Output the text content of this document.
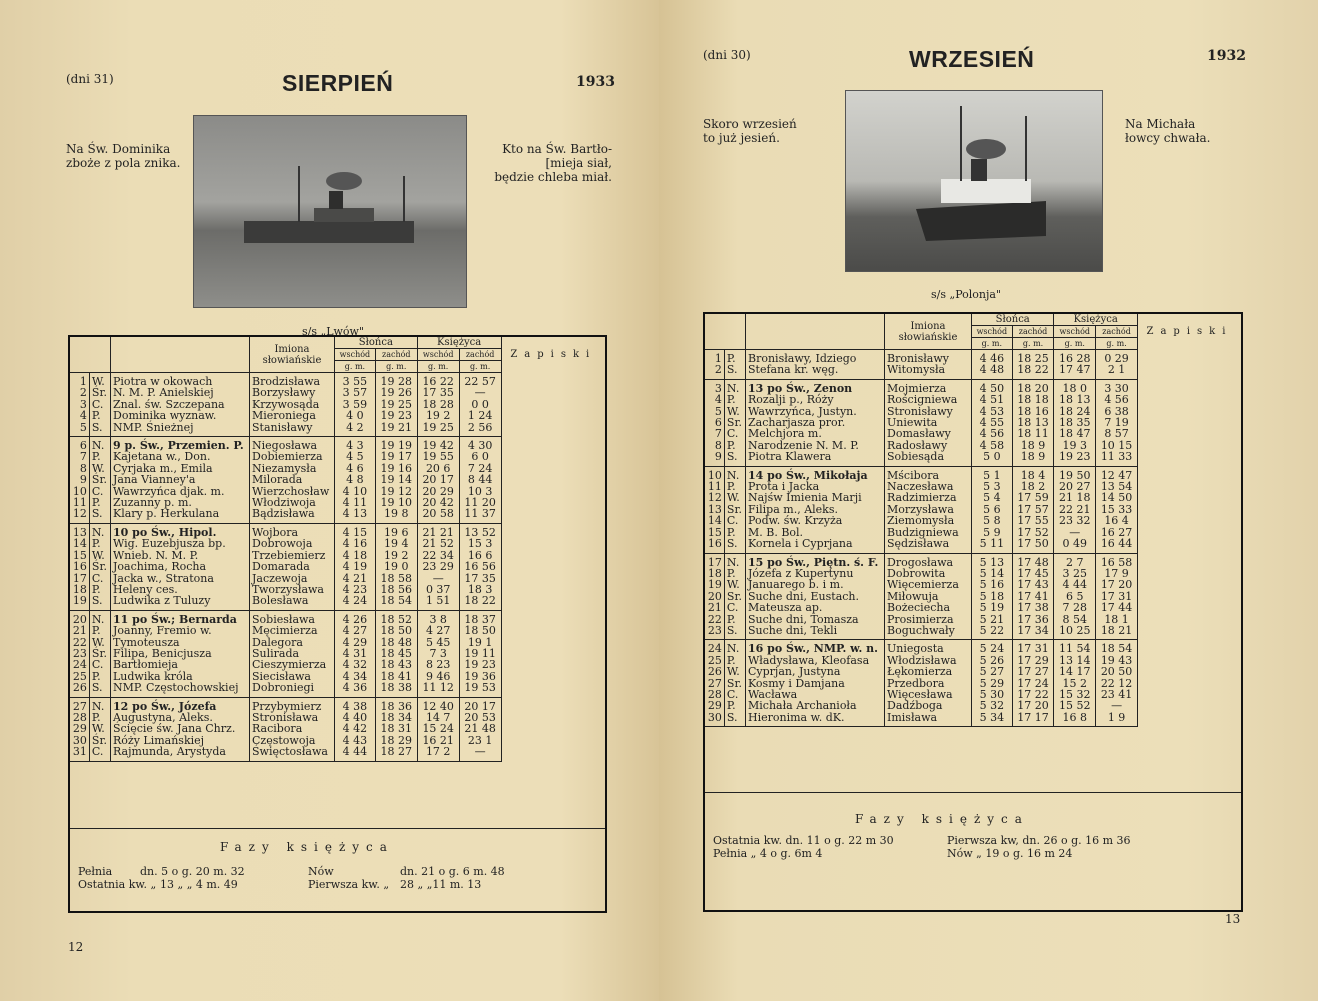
(dni 31)	SIERPIEŃ	1933
Na Św. Dominika
zboże z pola znika.
Kto na Św. Bartło-
[mieja siał,
będzie chleba miał.
s/s „Lwów"
			Imiona
słowiańskie	Słońca		Księżyca		Zapiski
				wschód	zachód	wschód	zachód	
				g. m.	g. m.	g. m.	g. m.	
1	W.	Piotra w okowach	Brodzisława	3 55	19 28	16 22	22 57	
2	Śr.	N. M. P. Anielskiej	Borzysławy	3 57	19 26	17 35	—	
3	C.	Znal. św. Szczepana	Krzywosąda	3 59	19 25	18 28	0 0	
4	P.	Dominika wyznaw.	Mieroniega	4 0	19 23	19 2	1 24	
5	S.	NMP. Śnieżnej	Stanisławy	4 2	19 21	19 25	2 56	
6	N.	9 p. Św., Przemien. P.	Niegosława	4 3	19 19	19 42	4 30	
7	P.	Kajetana w., Don.	Dobiemierza	4 5	19 17	19 55	6 0	
8	W.	Cyrjaka m., Emila	Niezamysła	4 6	19 16	20 6	7 24	
9	Śr.	Jana Vianney'a	Milorada	4 8	19 14	20 17	8 44	
10	C.	Wawrzyńca djak. m.	Wierzchosław	4 10	19 12	20 29	10 3	
11	P.	Zuzanny p. m.	Włodziwoja	4 11	19 10	20 42	11 20	
12	S.	Klary p. Herkulana	Bądzisława	4 13	19 8	20 58	11 37	
13	N.	10 po Św., Hipol.	Wojbora	4 15	19 6	21 21	13 52	
14	P.	Wig. Euzebjusza bp.	Dobrowoja	4 16	19 4	21 52	15 3	
15	W.	Wnieb. N. M. P.	Trzebiemierz	4 18	19 2	22 34	16 6	
16	Śr.	Joachima, Rocha	Domarada	4 19	19 0	23 29	16 56	
17	C.	Jacka w., Stratona	Jaczewoja	4 21	18 58	—	17 35	
18	P.	Heleny ces.	Tworzysława	4 23	18 56	0 37	18 3	
19	S.	Ludwika z Tuluzy	Bolesława	4 24	18 54	1 51	18 22	
20	N.	11 po Św.; Bernarda	Sobiesława	4 26	18 52	3 8	18 37	
21	P.	Joanny, Fremio w.	Męcimierza	4 27	18 50	4 27	18 50	
22	W.	Tymoteusza	Dalegora	4 29	18 48	5 45	19 1	
23	Śr.	Filipa, Benicjusza	Sulirada	4 31	18 45	7 3	19 11	
24	C.	Bartłomieja	Cieszymierza	4 32	18 43	8 23	19 23	
25	P.	Ludwika króla	Siecisława	4 34	18 41	9 46	19 36	
26	S.	NMP. Częstochowskiej	Dobroniegi	4 36	18 38	11 12	19 53	
27	N.	12 po Św., Józefa	Przybymierz	4 38	18 36	12 40	20 17	
28	P.	Augustyna, Aleks.	Stronisława	4 40	18 34	14 7	20 53	
29	W.	Ścięcie św. Jana Chrz.	Racibora	4 42	18 31	15 24	21 48	
30	Śr.	Róży Limańskiej	Częstowoja	4 43	18 29	16 21	23 1	
31	C.	Rajmunda, Arystyda	Święctosława	4 44	18 27	17 2	—	
Fazy księżyca
Pełnia	dn. 5 o g. 20 m. 32	Nów	dn. 21 o g. 6 m. 48
Ostatnia kw. „ 13 „ „ 4 m. 49	Pierwsza kw. „ 28 „ „11 m. 13
12
(dni 30)	WRZESIEŃ	1932
Skoro wrzesień
to już jesień.
Na Michała
łowcy chwała.
s/s „Polonja"
			Imiona
słowiańskie	Słońca		Księżyca		Zapiski
				wschód	zachód	wschód	zachód	
				g. m.	g. m.	g. m.	g. m.	
1	P.	Bronisławy, Idziego	Bronisławy	4 46	18 25	16 28	0 29	
2	S.	Stefana kr. węg.	Witomysła	4 48	18 22	17 47	2 1	
3	N.	13 po Św., Zenon	Mojmierza	4 50	18 20	18 0	3 30	
4	P.	Rozalji p., Róży	Rościgniewa	4 51	18 18	18 13	4 56	
5	W.	Wawrzyńca, Justyn.	Stronisławy	4 53	18 16	18 24	6 38	
6	Sr.	Zacharjasza pror.	Uniewita	4 55	18 13	18 35	7 19	
7	C.	Melchjora m.	Domasławy	4 56	18 11	18 47	8 57	
8	P.	Narodzenie N. M. P.	Radosławy	4 58	18 9	19 3	10 15	
9	S.	Piotra Klawera	Sobiesąda	5 0	18 9	19 23	11 33	
10	N.	14 po Św., Mikołaja	Mścibora	5 1	18 4	19 50	12 47	
11	P.	Prota i Jacka	Naczesława	5 3	18 2	20 27	13 54	
12	W.	Najśw Imienia Marji	Radzimierza	5 4	17 59	21 18	14 50	
13	Sr.	Filipa m., Aleks.	Morzysława	5 6	17 57	22 21	15 33	
14	C.	Podw. św. Krzyża	Ziemomysła	5 8	17 55	23 32	16 4	
15	P.	M. B. Bol.	Budzigniewa	5 9	17 52	—	16 27	
16	S.	Kornela i Cyprjana	Sędzisława	5 11	17 50	0 49	16 44	
17	N.	15 po Św., Piętn. ś. F.	Drogosława	5 13	17 48	2 7	16 58	
18	P.	Józefa z Kupertynu	Dobrowita	5 14	17 45	3 25	17 9	
19	W.	Januarego b. i m.	Więcemierza	5 16	17 43	4 44	17 20	
20	Sr.	Suche dni, Eustach.	Miłowuja	5 18	17 41	6 5	17 31	
21	C.	Mateusza ap.	Bożeciecha	5 19	17 38	7 28	17 44	
22	P.	Suche dni, Tomasza	Prosimierza	5 21	17 36	8 54	18 1	
23	S.	Suche dni, Tekli	Boguchwały	5 22	17 34	10 25	18 21	
24	N.	16 po Św., NMP. w. n.	Uniegosta	5 24	17 31	11 54	18 54	
25	P.	Władysława, Kleofasa	Włodzisława	5 26	17 29	13 14	19 43	
26	W.	Cyprjan, Justyna	Łękomierza	5 27	17 27	14 17	20 50	
27	Sr.	Kosmy i Damjana	Przedbora	5 29	17 24	15 2	22 12	
28	C.	Wacława	Więcesława	5 30	17 22	15 32	23 41	
29	P.	Michała Archanioła	Dadźboga	5 32	17 20	15 52	—	
30	S.	Hieronima w. dK.	Imisława	5 34	17 17	16 8	1 9	
Fazy księżyca
Ostatnia kw. dn. 11 o g. 22 m 30	Pierwsza kw, dn. 26 o g. 16 m 36
Pełnia „ 4 o g. 6m 4	Nów „ 19 o g. 16 m 24
13
